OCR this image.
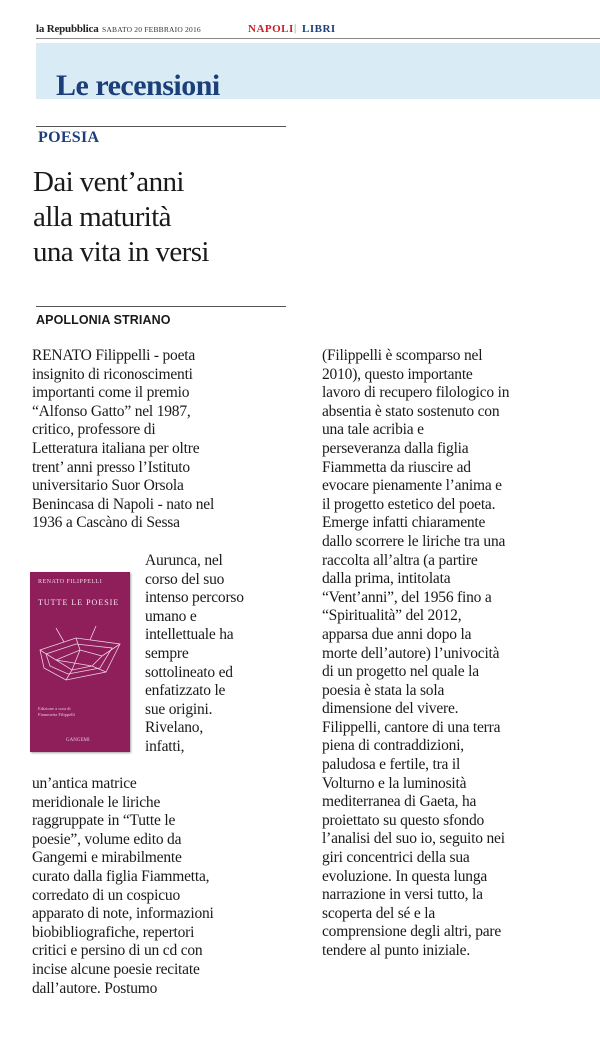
la Repubblica SABATO 20 FEBBRAIO 2016	NAPOLI | LIBRI
Le recensioni
POESIA
Dai vent’anni
alla maturità
una vita in versi
APOLLONIA STRIANO
RENATO Filippelli - poeta
insignito di riconoscimenti
importanti come il premio
“Alfonso Gatto” nel 1987,
critico, professore di
Letteratura italiana per oltre
trent’ anni presso l’Istituto
universitario Suor Orsola
Benincasa di Napoli - nato nel
1936 a Cascàno di Sessa
RENATO FILIPPELLI
TUTTE LE POESIE
Edizione a cura di
Fiammetta Filippelli
GANGEMI
Aurunca, nel
corso del suo
intenso percorso
umano e
intellettuale ha
sempre
sottolineato ed
enfatizzato le
sue origini.
Rivelano,
infatti,
un’antica matrice
meridionale le liriche
raggruppate in “Tutte le
poesie”, volume edito da
Gangemi e mirabilmente
curato dalla figlia Fiammetta,
corredato di un cospicuo
apparato di note, informazioni
biobibliografiche, repertori
critici e persino di un cd con
incise alcune poesie recitate
dall’autore. Postumo
(Filippelli è scomparso nel
2010), questo importante
lavoro di recupero filologico in
absentia è stato sostenuto con
una tale acribia e
perseveranza dalla figlia
Fiammetta da riuscire ad
evocare pienamente l’anima e
il progetto estetico del poeta.
Emerge infatti chiaramente
dallo scorrere le liriche tra una
raccolta all’altra (a partire
dalla prima, intitolata
“Vent’anni”, del 1956 fino a
“Spiritualità” del 2012,
apparsa due anni dopo la
morte dell’autore) l’univocità
di un progetto nel quale la
poesia è stata la sola
dimensione del vivere.
Filippelli, cantore di una terra
piena di contraddizioni,
paludosa e fertile, tra il
Volturno e la luminosità
mediterranea di Gaeta, ha
proiettato su questo sfondo
l’analisi del suo io, seguito nei
giri concentrici della sua
evoluzione. In questa lunga
narrazione in versi tutto, la
scoperta del sé e la
comprensione degli altri, pare
tendere al punto iniziale.
